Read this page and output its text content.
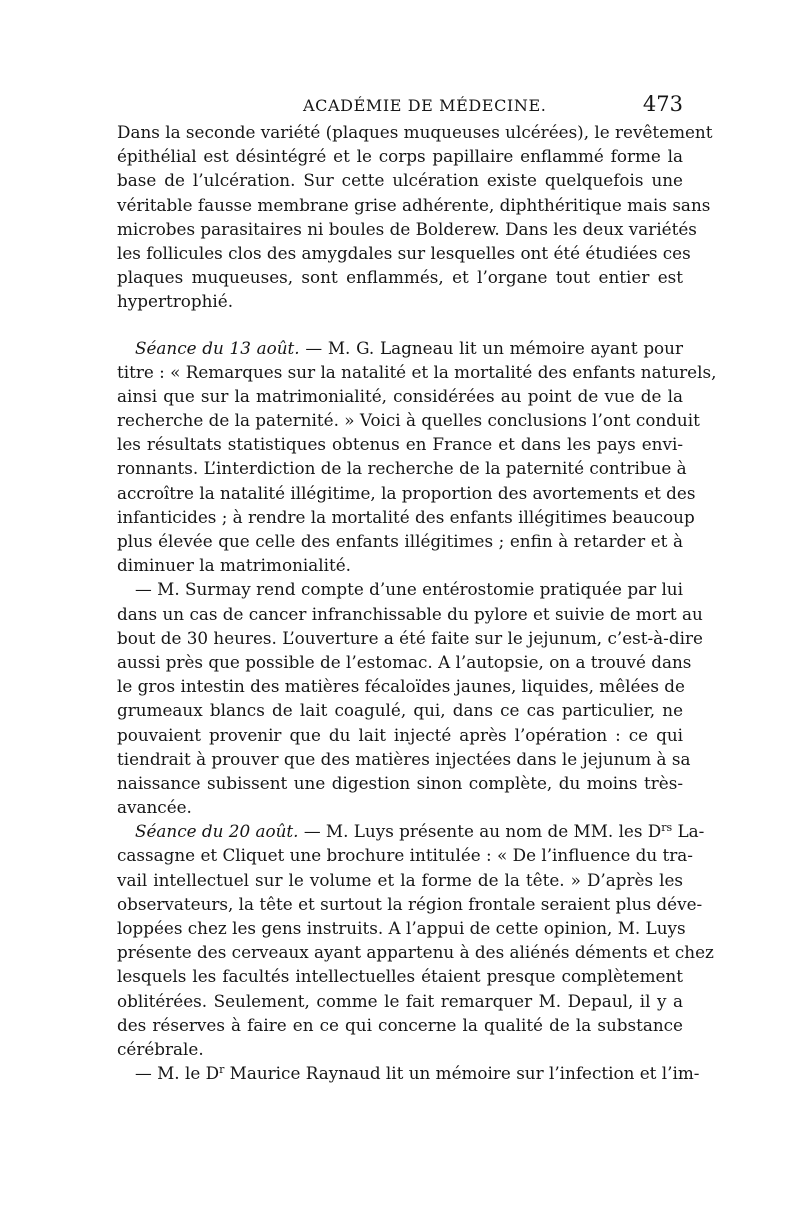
ACADÉMIE DE MÉDECINE.	473
Dans la seconde variété (plaques muqueuses ulcérées), le revêtement
épithélial est désintégré et le corps papillaire enflammé forme la
base de l’ulcération. Sur cette ulcération existe quelquefois une
véritable fausse membrane grise adhérente, diphthéritique mais sans
microbes parasitaires ni boules de Bolderew. Dans les deux variétés
les follicules clos des amygdales sur lesquelles ont été étudiées ces
plaques muqueuses, sont enflammés, et l’organe tout entier est
hypertrophié.
Séance du 13 août. — M. G. Lagneau lit un mémoire ayant pour
titre : « Remarques sur la natalité et la mortalité des enfants naturels,
ainsi que sur la matrimonialité, considérées au point de vue de la
recherche de la paternité. » Voici à quelles conclusions l’ont conduit
les résultats statistiques obtenus en France et dans les pays envi-
ronnants. L’interdiction de la recherche de la paternité contribue à
accroître la natalité illégitime, la proportion des avortements et des
infanticides ; à rendre la mortalité des enfants illégitimes beaucoup
plus élevée que celle des enfants illégitimes ; enfin à retarder et à
diminuer la matrimonialité.
— M. Surmay rend compte d’une entérostomie pratiquée par lui
dans un cas de cancer infranchissable du pylore et suivie de mort au
bout de 30 heures. L’ouverture a été faite sur le jejunum, c’est-à-dire
aussi près que possible de l’estomac. A l’autopsie, on a trouvé dans
le gros intestin des matières fécaloïdes jaunes, liquides, mêlées de
grumeaux blancs de lait coagulé, qui, dans ce cas particulier, ne
pouvaient provenir que du lait injecté après l’opération : ce qui
tiendrait à prouver que des matières injectées dans le jejunum à sa
naissance subissent une digestion sinon complète, du moins très-
avancée.
Séance du 20 août. — M. Luys présente au nom de MM. les $D^{rs}$ La-
cassagne et Cliquet une brochure intitulée : « De l’influence du tra-
vail intellectuel sur le volume et la forme de la tête. » D’après les
observateurs, la tête et surtout la région frontale seraient plus déve-
loppées chez les gens instruits. A l’appui de cette opinion, M. Luys
présente des cerveaux ayant appartenu à des aliénés déments et chez
lesquels les facultés intellectuelles étaient presque complètement
oblitérées. Seulement, comme le fait remarquer M. Depaul, il y a
des réserves à faire en ce qui concerne la qualité de la substance
cérébrale.
— M. le $D^r$ Maurice Raynaud lit un mémoire sur l’infection et l’im-
